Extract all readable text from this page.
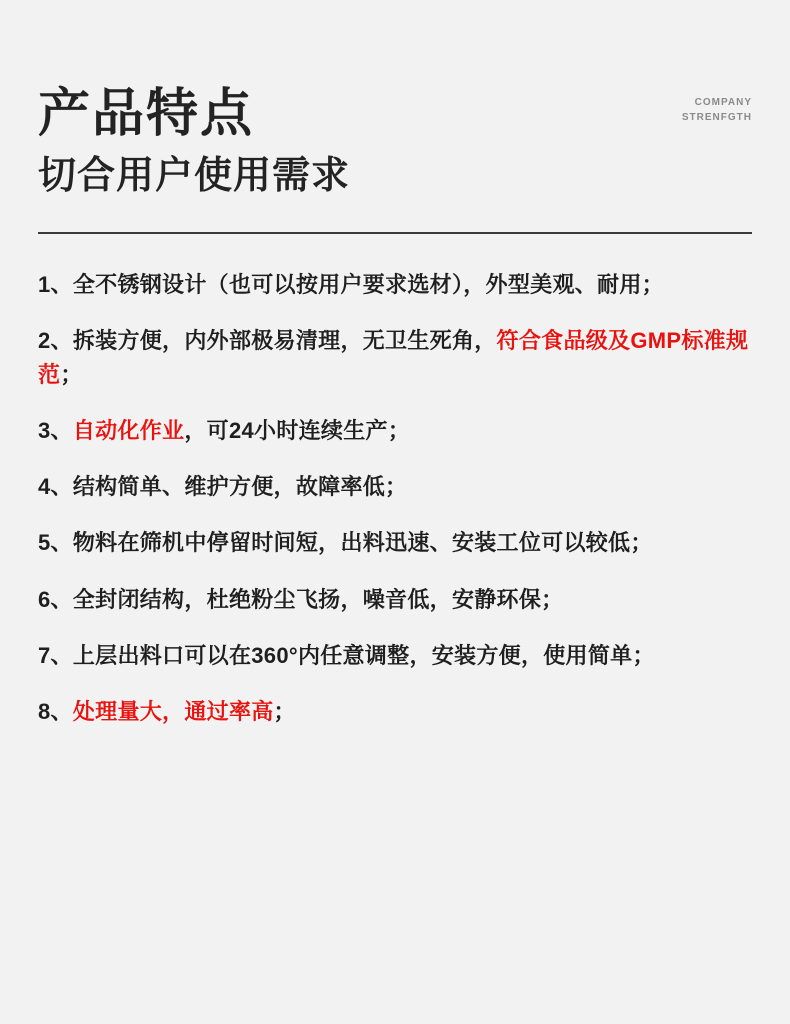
产品特点
切合用户使用需求
COMPANY
STRENFGTH

1、全不锈钢设计（也可以按用户要求选材），外型美观、耐用；

2、拆装方便，内外部极易清理，无卫生死角，符合食品级及GMP标准规范；

3、自动化作业，可24小时连续生产；

4、结构简单、维护方便，故障率低；

5、物料在筛机中停留时间短，出料迅速、安装工位可以较低；

6、全封闭结构，杜绝粉尘飞扬，噪音低，安静环保；

7、上层出料口可以在360°内任意调整，安装方便，使用简单；

8、处理量大，通过率高；
